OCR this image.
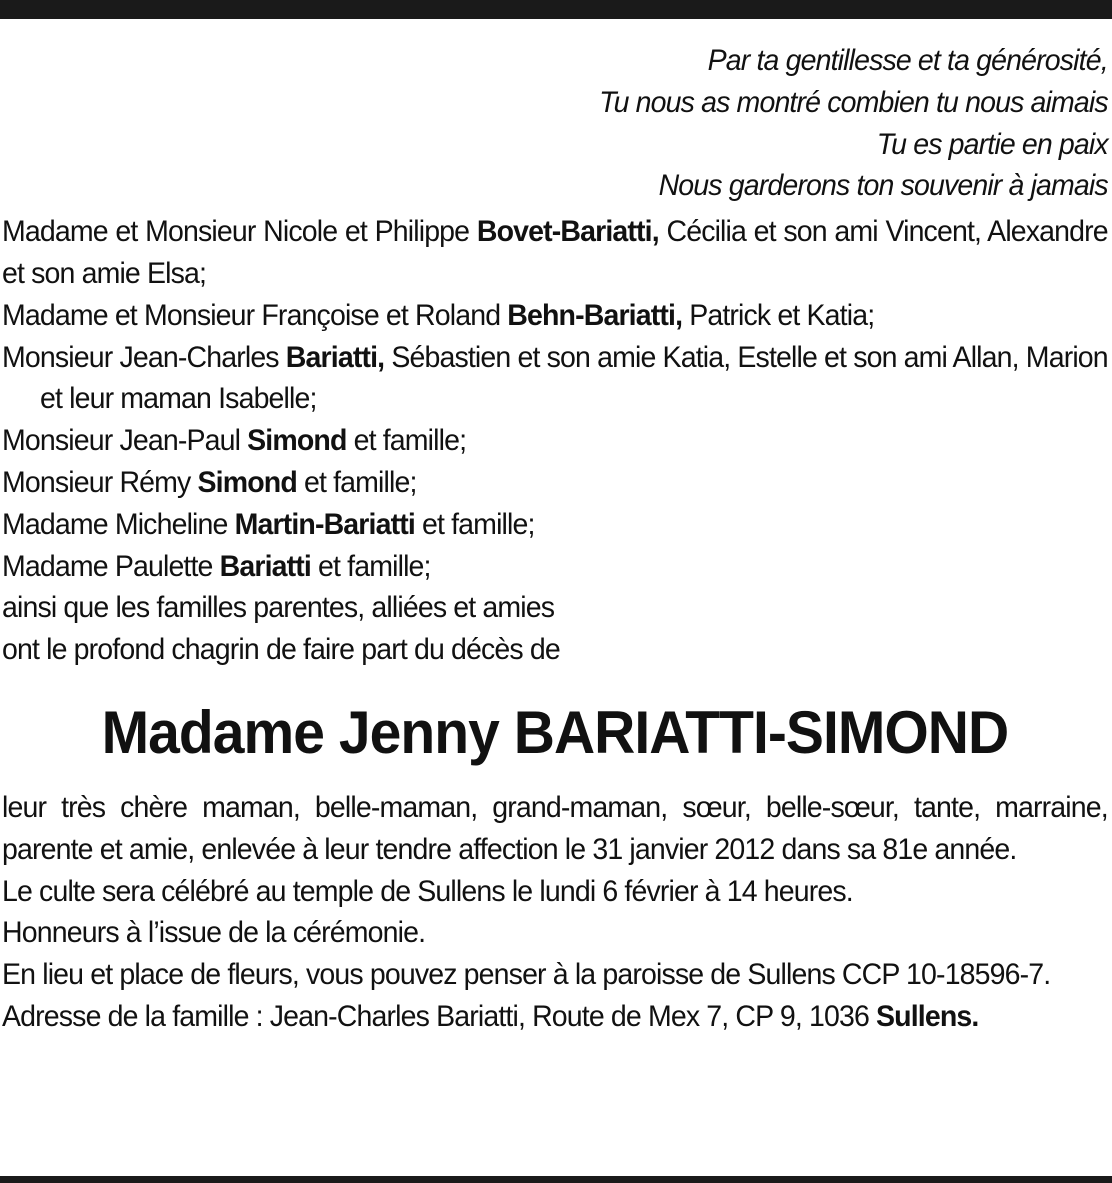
Par ta gentillesse et ta générosité,
Tu nous as montré combien tu nous aimais
Tu es partie en paix
Nous garderons ton souvenir à jamais
Madame et Monsieur Nicole et Philippe Bovet-Bariatti, Cécilia et son ami Vincent, Alexandre et son amie Elsa;
Madame et Monsieur Françoise et Roland Behn-Bariatti, Patrick et Katia;
Monsieur Jean-Charles Bariatti, Sébastien et son amie Katia, Estelle et son ami Allan, Marion et leur maman Isabelle;
Monsieur Jean-Paul Simond et famille;
Monsieur Rémy Simond et famille;
Madame Micheline Martin-Bariatti et famille;
Madame Paulette Bariatti et famille;
ainsi que les familles parentes, alliées et amies
ont le profond chagrin de faire part du décès de
Madame Jenny BARIATTI-SIMOND
leur très chère maman, belle-maman, grand-maman, sœur, belle-sœur, tante, marraine, parente et amie, enlevée à leur tendre affection le 31 janvier 2012 dans sa 81e année.
Le culte sera célébré au temple de Sullens le lundi 6 février à 14 heures.
Honneurs à l’issue de la cérémonie.
En lieu et place de fleurs, vous pouvez penser à la paroisse de Sullens CCP 10-18596-7.
Adresse de la famille : Jean-Charles Bariatti, Route de Mex 7, CP 9, 1036 Sullens.
